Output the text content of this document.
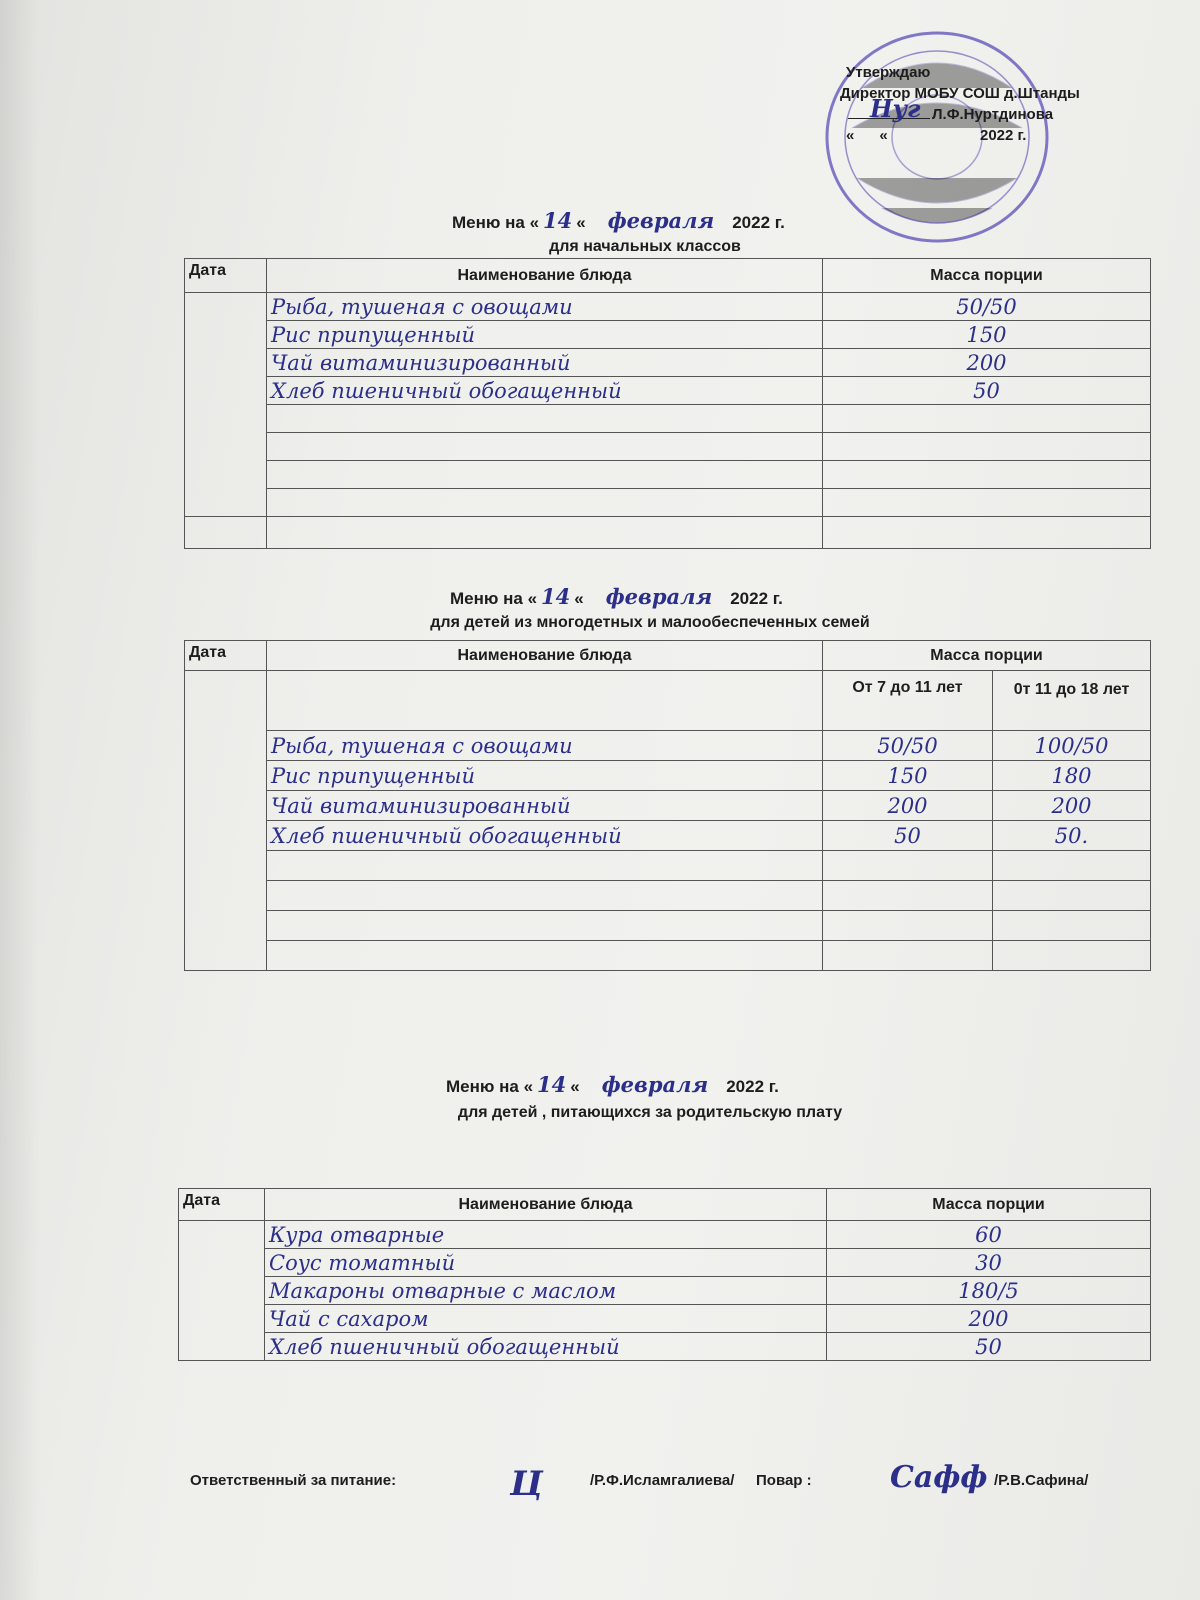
Утверждаю
Директор МОБУ СОШ д.Штанды
Нуг Л.Ф.Нуртдинова
«      «	2022 г.
Меню на « 14 « февраля 2022 г.
для начальных классов
Дата	Наименование блюда	Масса порции
	Рыба, тушеная с овощами	50/50
	Рис припущенный	150
	Чай витаминизированный	200
	Хлеб пшеничный обогащенный	50

Меню на « 14 « февраля 2022 г.
для детей из многодетных и малообеспеченных семей
Дата	Наименование блюда	Масса порции	
		От 7 до 11 лет	0т 11 до 18 лет
	Рыба, тушеная с овощами	50/50	100/50
	Рис припущенный	150	180
	Чай витаминизированный	200	200
	Хлеб пшеничный обогащенный	50	50.

Меню на « 14 « февраля 2022 г.
для детей , питающихся за родительскую плату
Дата	Наименование блюда	Масса порции
	Кура отварные	60
	Соус томатный	30
	Макароны отварные с маслом	180/5
	Чай с сахаром	200
	Хлеб пшеничный обогащенный	50
Ответственный за питание:	Ц	/Р.Ф.Исламгалиева/ Повар :	Сафф /Р.В.Сафина/
